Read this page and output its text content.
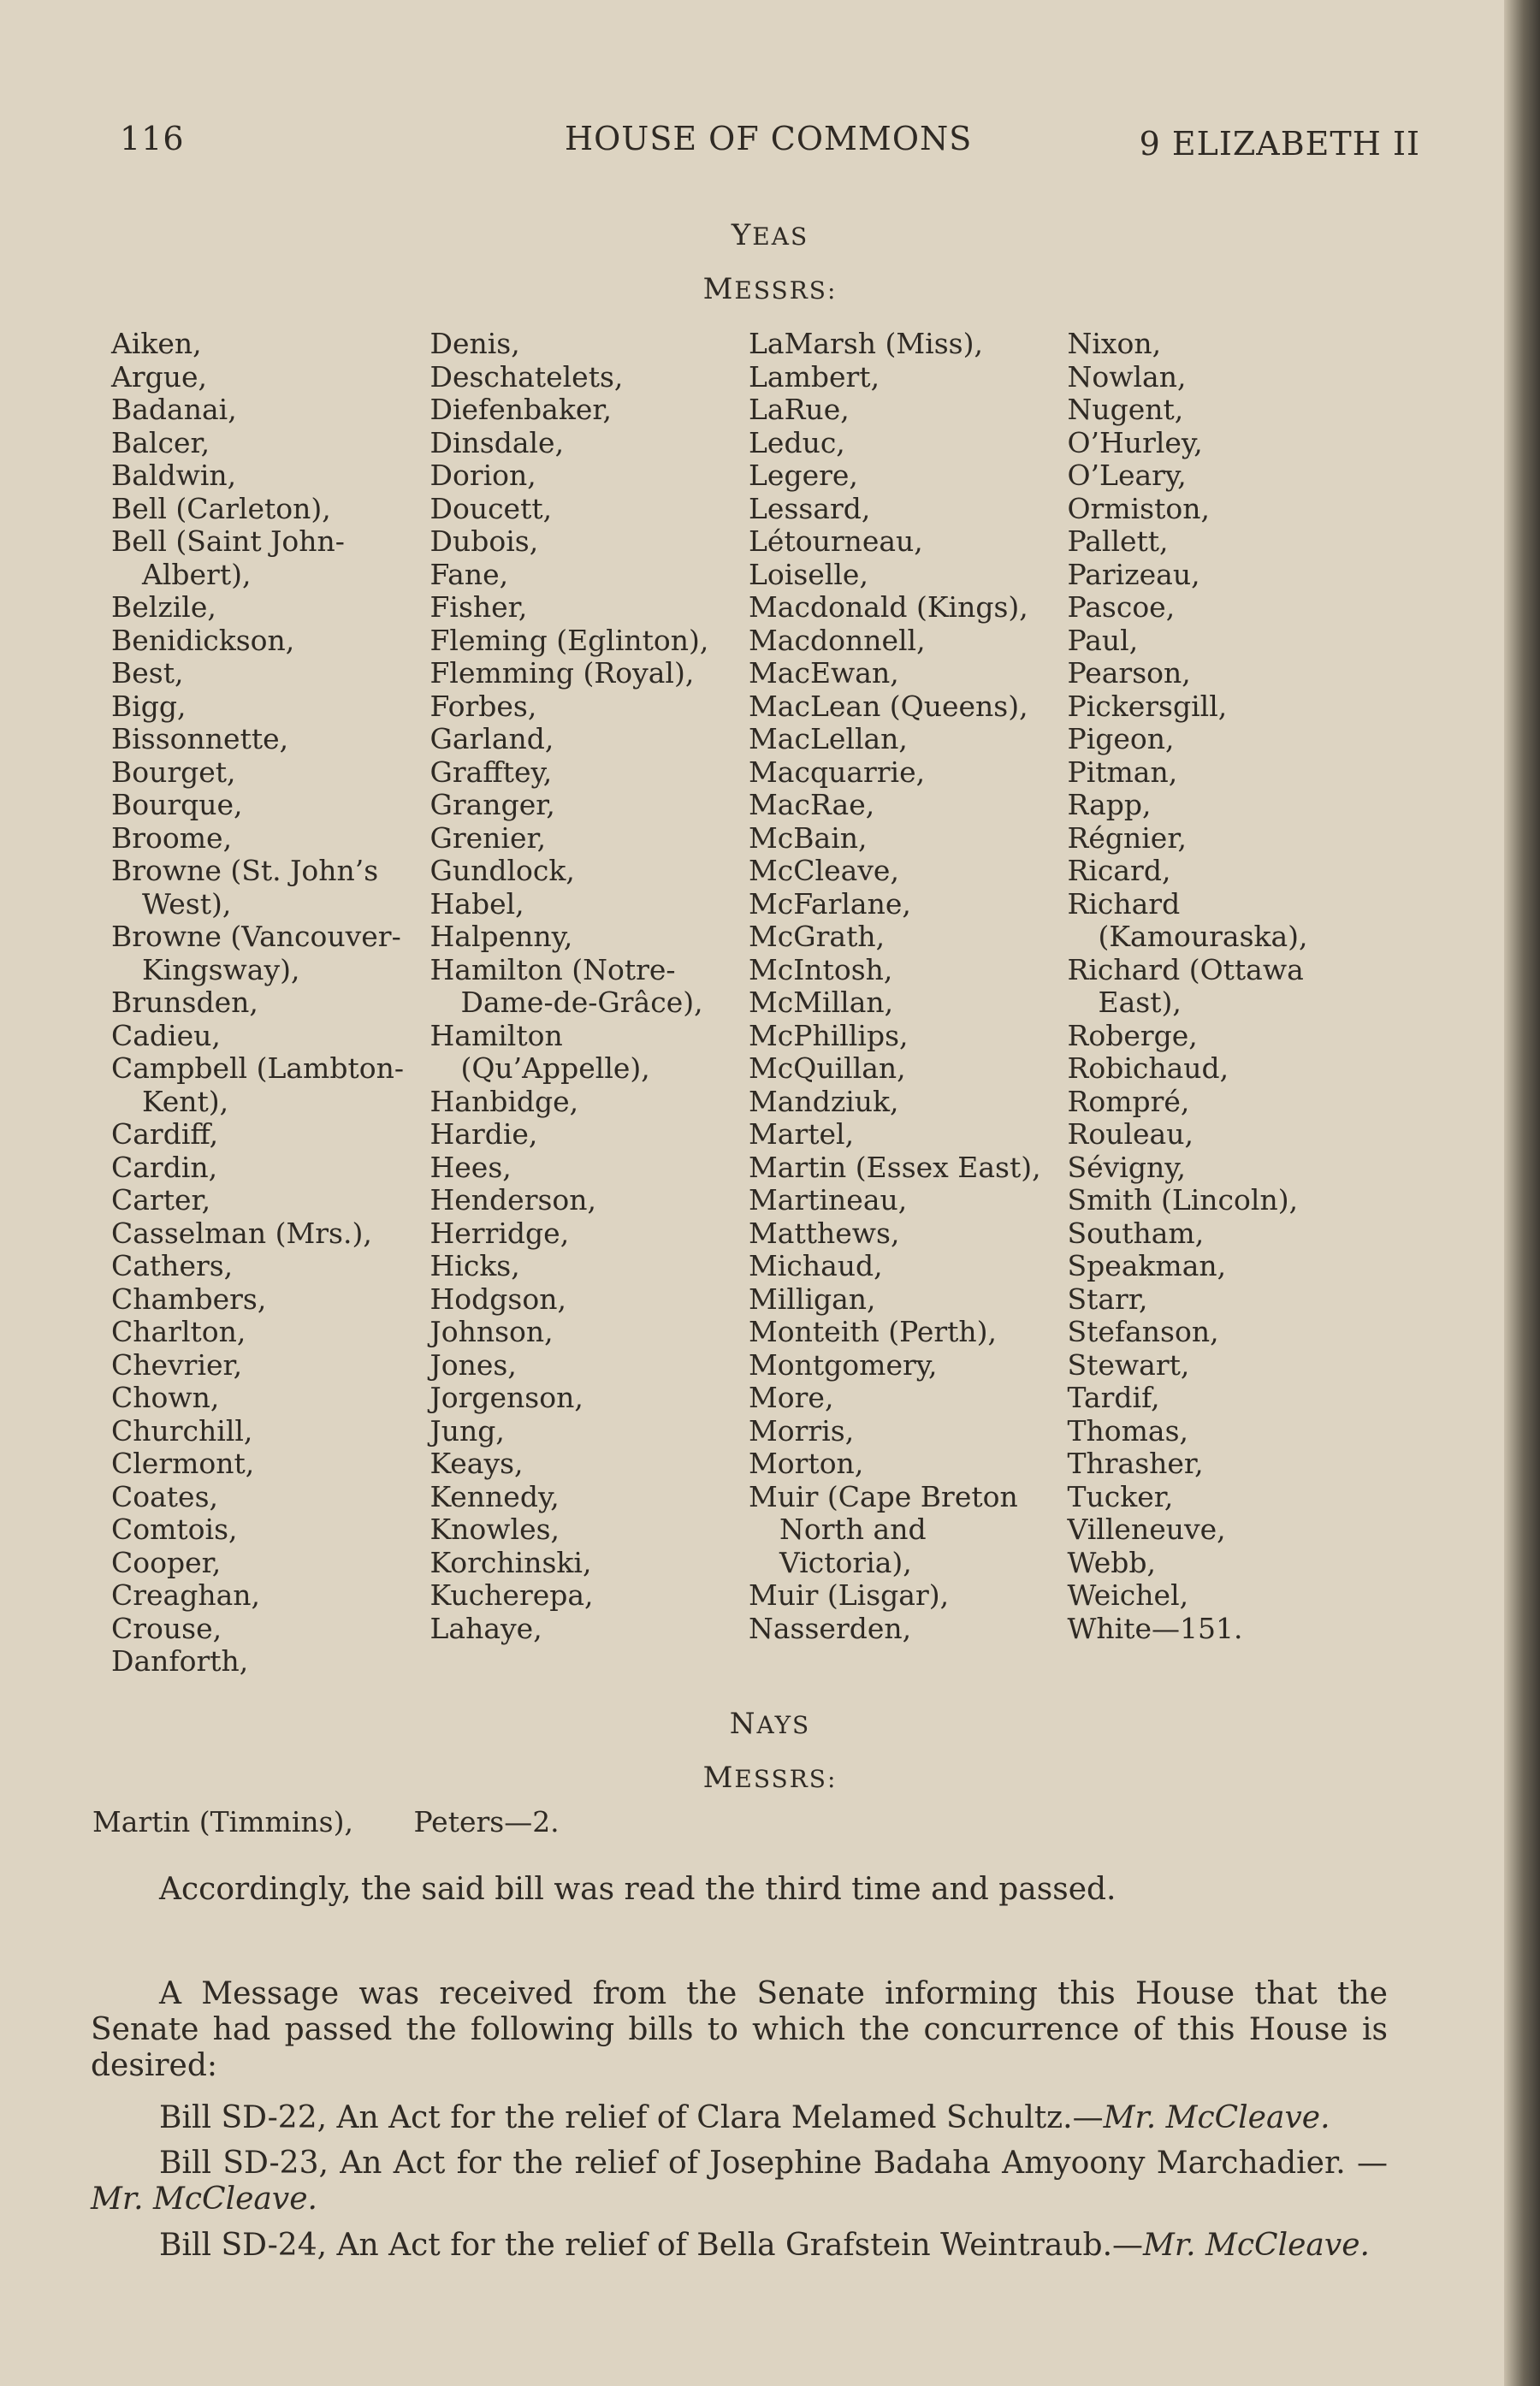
116	HOUSE OF COMMONS	9 ELIZABETH II
YEAS
MESSRS:
Aiken,
Argue,
Badanai,
Balcer,
Baldwin,
Bell (Carleton),
Bell (Saint John-Albert),
Belzile,
Benidickson,
Best,
Bigg,
Bissonnette,
Bourget,
Bourque,
Broome,
Browne (St. John’s West),
Browne (Vancouver-Kingsway),
Brunsden,
Cadieu,
Campbell (Lambton-Kent),
Cardiff,
Cardin,
Carter,
Casselman (Mrs.),
Cathers,
Chambers,
Charlton,
Chevrier,
Chown,
Churchill,
Clermont,
Coates,
Comtois,
Cooper,
Creaghan,
Crouse,
Danforth,
Denis,
Deschatelets,
Diefenbaker,
Dinsdale,
Dorion,
Doucett,
Dubois,
Fane,
Fisher,
Fleming (Eglinton),
Flemming (Royal),
Forbes,
Garland,
Grafftey,
Granger,
Grenier,
Gundlock,
Habel,
Halpenny,
Hamilton (Notre-Dame-de-Grâce),
Hamilton (Qu’Appelle),
Hanbidge,
Hardie,
Hees,
Henderson,
Herridge,
Hicks,
Hodgson,
Johnson,
Jones,
Jorgenson,
Jung,
Keays,
Kennedy,
Knowles,
Korchinski,
Kucherepa,
Lahaye,
LaMarsh (Miss),
Lambert,
LaRue,
Leduc,
Legere,
Lessard,
Létourneau,
Loiselle,
Macdonald (Kings),
Macdonnell,
MacEwan,
MacLean (Queens),
MacLellan,
Macquarrie,
MacRae,
McBain,
McCleave,
McFarlane,
McGrath,
McIntosh,
McMillan,
McPhillips,
McQuillan,
Mandziuk,
Martel,
Martin (Essex East),
Martineau,
Matthews,
Michaud,
Milligan,
Monteith (Perth),
Montgomery,
More,
Morris,
Morton,
Muir (Cape Breton North and Victoria),
Muir (Lisgar),
Nasserden,
Nixon,
Nowlan,
Nugent,
O’Hurley,
O’Leary,
Ormiston,
Pallett,
Parizeau,
Pascoe,
Paul,
Pearson,
Pickersgill,
Pigeon,
Pitman,
Rapp,
Régnier,
Ricard,
Richard (Kamouraska),
Richard (Ottawa East),
Roberge,
Robichaud,
Rompré,
Rouleau,
Sévigny,
Smith (Lincoln),
Southam,
Speakman,
Starr,
Stefanson,
Stewart,
Tardif,
Thomas,
Thrasher,
Tucker,
Villeneuve,
Webb,
Weichel,
White—151.
NAYS
MESSRS:
Martin (Timmins), Peters—2.
Accordingly, the said bill was read the third time and passed.
A Message was received from the Senate informing this House that the Senate had passed the following bills to which the concurrence of this House is desired:
Bill SD-22, An Act for the relief of Clara Melamed Schultz.—Mr. McCleave.
Bill SD-23, An Act for the relief of Josephine Badaha Amyoony Marchadier. —Mr. McCleave.
Bill SD-24, An Act for the relief of Bella Grafstein Weintraub.—Mr. McCleave.
